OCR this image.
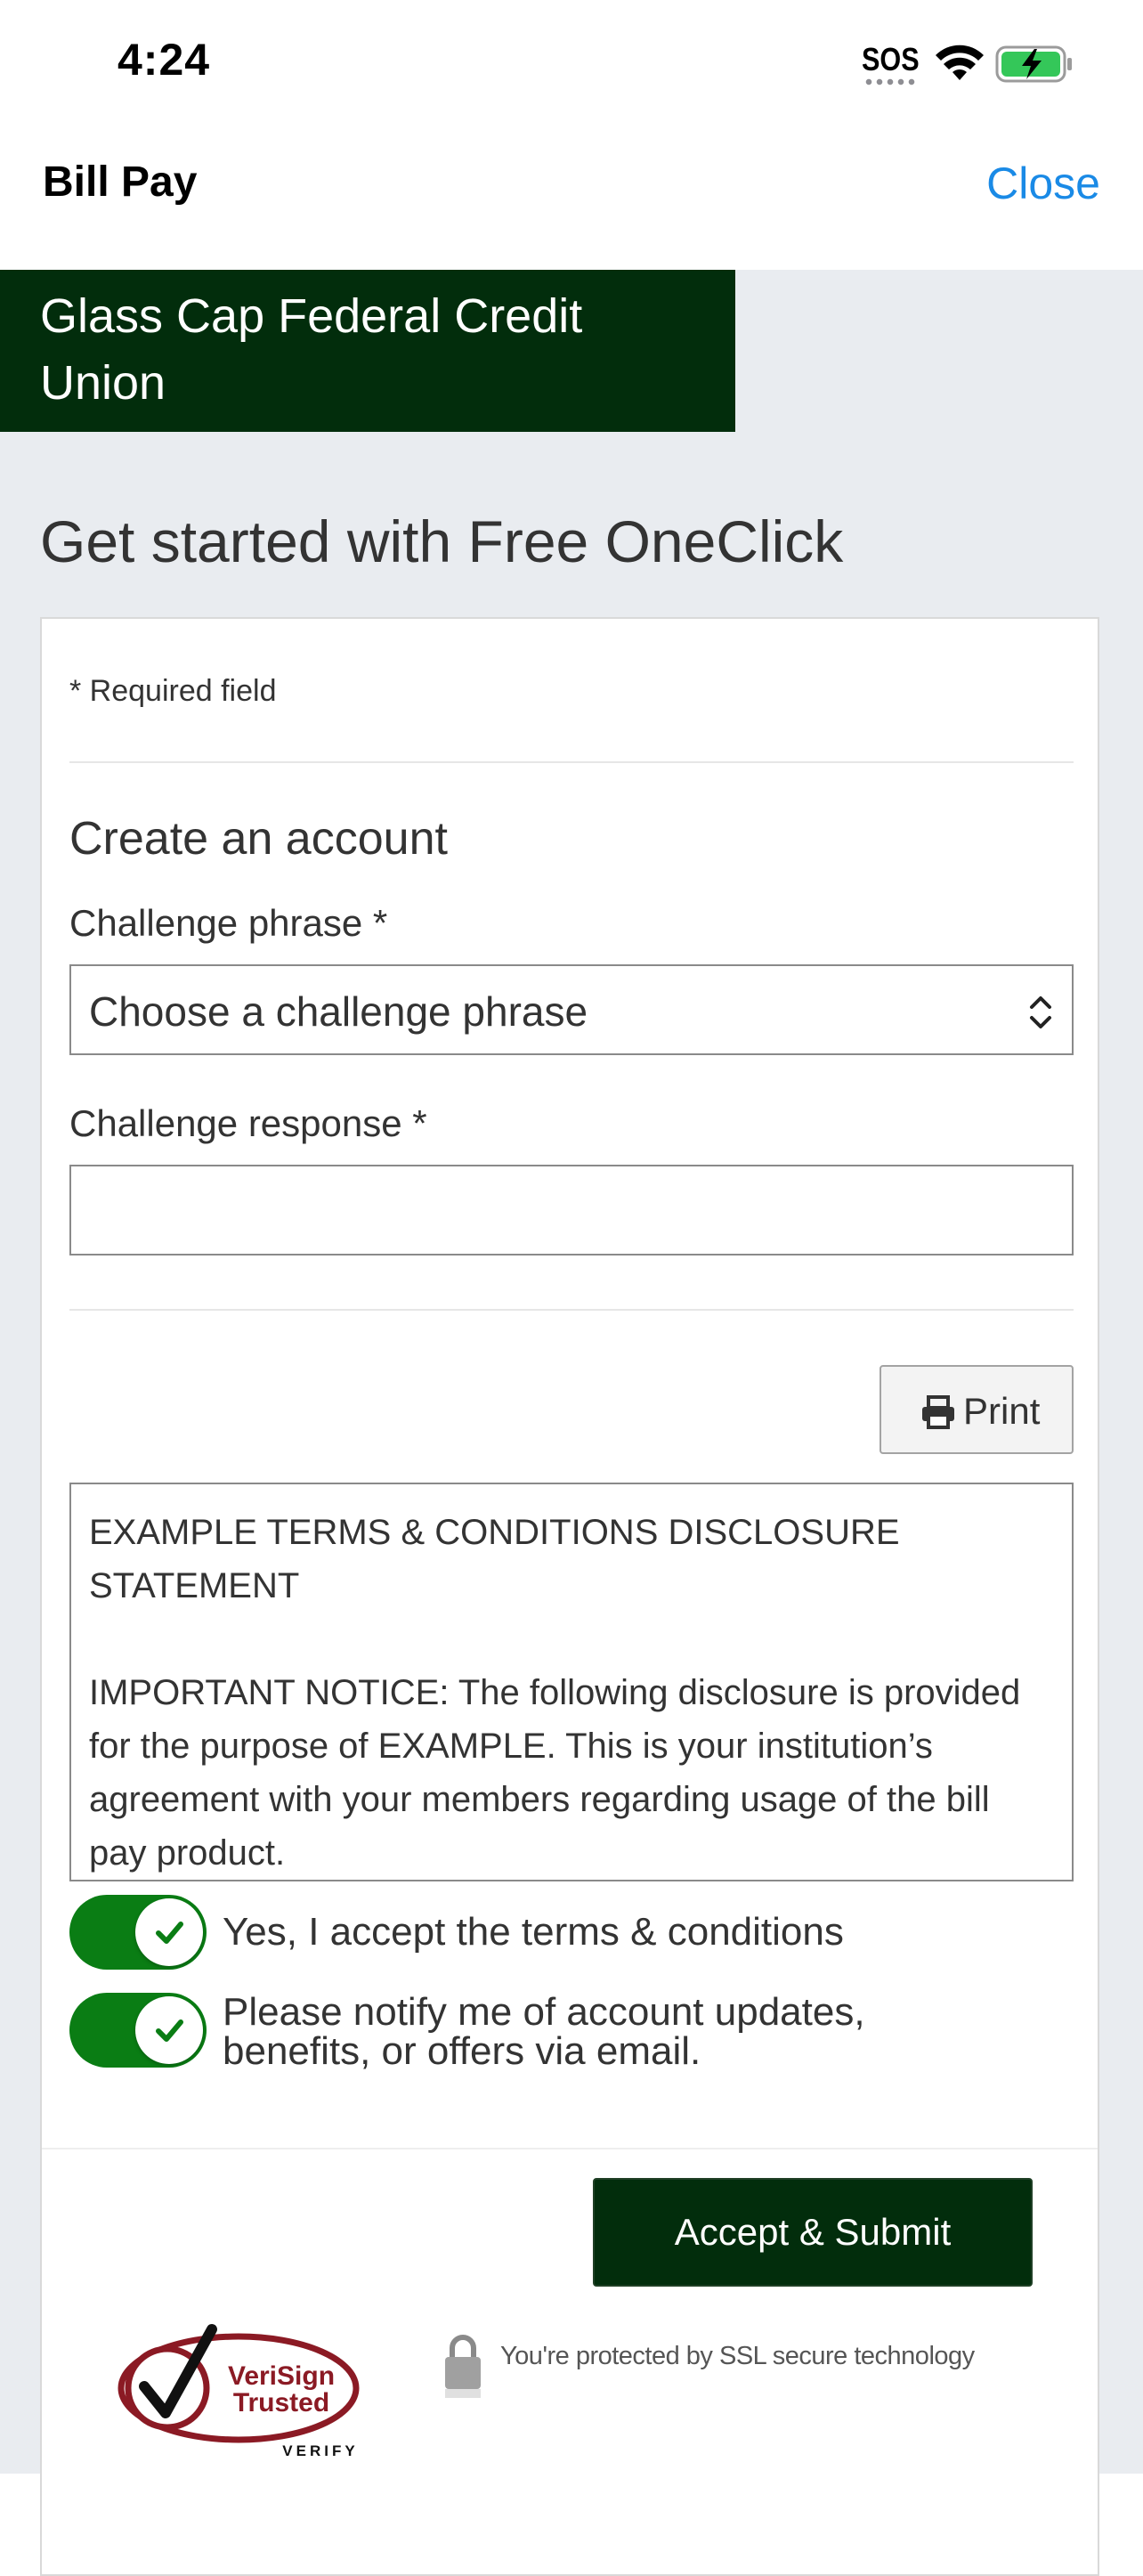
4:24	SOS
Bill Pay	Close
Glass Cap Federal Credit Union
Get started with Free OneClick
* Required field
Create an account
Challenge phrase *
Choose a challenge phrase
Challenge response *
Print
EXAMPLE TERMS & CONDITIONS DISCLOSURE STATEMENT
IMPORTANT NOTICE: The following disclosure is provided for the purpose of EXAMPLE. This is your institution’s agreement with your members regarding usage of the bill pay product.
Yes, I accept the terms & conditions
Please notify me of account updates, benefits, or offers via email.
Accept & Submit
VeriSign
Trusted
VERIFY
You're protected by SSL secure technology
